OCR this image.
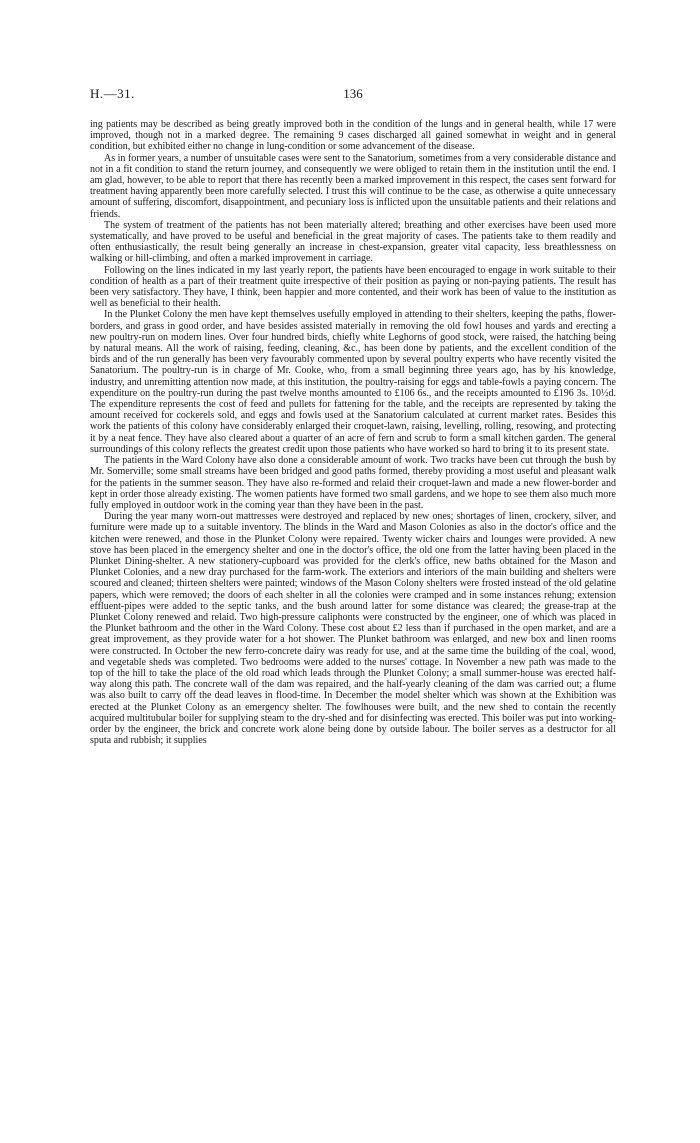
H.—31.	136

ing patients may be described as being greatly improved both in the condition of the lungs and in general health, while 17 were improved, though not in a marked degree. The remaining 9 cases discharged all gained somewhat in weight and in general condition, but exhibited either no change in lung-condition or some advancement of the disease.

As in former years, a number of unsuitable cases were sent to the Sanatorium, sometimes from a very considerable distance and not in a fit condition to stand the return journey, and consequently we were obliged to retain them in the institution until the end. I am glad, however, to be able to report that there has recently been a marked improvement in this respect, the cases sent forward for treatment having apparently been more carefully selected. I trust this will continue to be the case, as otherwise a quite unnecessary amount of suffering, discomfort, disappointment, and pecuniary loss is inflicted upon the unsuitable patients and their relations and friends.

The system of treatment of the patients has not been materially altered; breathing and other exercises have been used more systematically, and have proved to be useful and beneficial in the great majority of cases. The patients take to them readily and often enthusiastically, the result being generally an increase in chest-expansion, greater vital capacity, less breathlessness on walking or hill-climbing, and often a marked improvement in carriage.

Following on the lines indicated in my last yearly report, the patients have been encouraged to engage in work suitable to their condition of health as a part of their treatment quite irrespective of their position as paying or non-paying patients. The result has been very satisfactory. They have, I think, been happier and more contented, and their work has been of value to the institution as well as beneficial to their health.

In the Plunket Colony the men have kept themselves usefully employed in attending to their shelters, keeping the paths, flower-borders, and grass in good order, and have besides assisted materially in removing the old fowl houses and yards and erecting a new poultry-run on modern lines. Over four hundred birds, chiefly white Leghorns of good stock, were raised, the hatching being by natural means. All the work of raising, feeding, cleaning, &c., has been done by patients, and the excellent condition of the birds and of the run generally has been very favourably commented upon by several poultry experts who have recently visited the Sanatorium. The poultry-run is in charge of Mr. Cooke, who, from a small beginning three years ago, has by his knowledge, industry, and unremitting attention now made, at this institution, the poultry-raising for eggs and table-fowls a paying concern. The expenditure on the poultry-run during the past twelve months amounted to £106 6s., and the receipts amounted to £196 3s. 10½d. The expenditure represents the cost of feed and pullets for fattening for the table, and the receipts are represented by taking the amount received for cockerels sold, and eggs and fowls used at the Sanatorium calculated at current market rates. Besides this work the patients of this colony have considerably enlarged their croquet-lawn, raising, levelling, rolling, resowing, and protecting it by a neat fence. They have also cleared about a quarter of an acre of fern and scrub to form a small kitchen garden. The general surroundings of this colony reflects the greatest credit upon those patients who have worked so hard to bring it to its present state.

The patients in the Ward Colony have also done a considerable amount of work. Two tracks have been cut through the bush by Mr. Somerville; some small streams have been bridged and good paths formed, thereby providing a most useful and pleasant walk for the patients in the summer season. They have also re-formed and relaid their croquet-lawn and made a new flower-border and kept in order those already existing. The women patients have formed two small gardens, and we hope to see them also much more fully employed in outdoor work in the coming year than they have been in the past.

During the year many worn-out mattresses were destroyed and replaced by new ones; shortages of linen, crockery, silver, and furniture were made up to a suitable inventory. The blinds in the Ward and Mason Colonies as also in the doctor's office and the kitchen were renewed, and those in the Plunket Colony were repaired. Twenty wicker chairs and lounges were provided. A new stove has been placed in the emergency shelter and one in the doctor's office, the old one from the latter having been placed in the Plunket Dining-shelter. A new stationery-cupboard was provided for the clerk's office, new baths obtained for the Mason and Plunket Colonies, and a new dray purchased for the farm-work. The exteriors and interiors of the main building and shelters were scoured and cleaned; thirteen shelters were painted; windows of the Mason Colony shelters were frosted instead of the old gelatine papers, which were removed; the doors of each shelter in all the colonies were cramped and in some instances rehung; extension effluent-pipes were added to the septic tanks, and the bush around latter for some distance was cleared; the grease-trap at the Plunket Colony renewed and relaid. Two high-pressure caliphonts were constructed by the engineer, one of which was placed in the Plunket bathroom and the other in the Ward Colony. These cost about £2 less than if purchased in the open market, and are a great improvement, as they provide water for a hot shower. The Plunket bathroom was enlarged, and new box and linen rooms were constructed. In October the new ferro-concrete dairy was ready for use, and at the same time the building of the coal, wood, and vegetable sheds was completed. Two bedrooms were added to the nurses' cottage. In November a new path was made to the top of the hill to take the place of the old road which leads through the Plunket Colony; a small summer-house was erected half-way along this path. The concrete wall of the dam was repaired, and the half-yearly cleaning of the dam was carried out; a flume was also built to carry off the dead leaves in flood-time. In December the model shelter which was shown at the Exhibition was erected at the Plunket Colony as an emergency shelter. The fowlhouses were built, and the new shed to contain the recently acquired multitubular boiler for supplying steam to the dry-shed and for disinfecting was erected. This boiler was put into working-order by the engineer, the brick and concrete work alone being done by outside labour. The boiler serves as a destructor for all sputa and rubbish; it supplies
